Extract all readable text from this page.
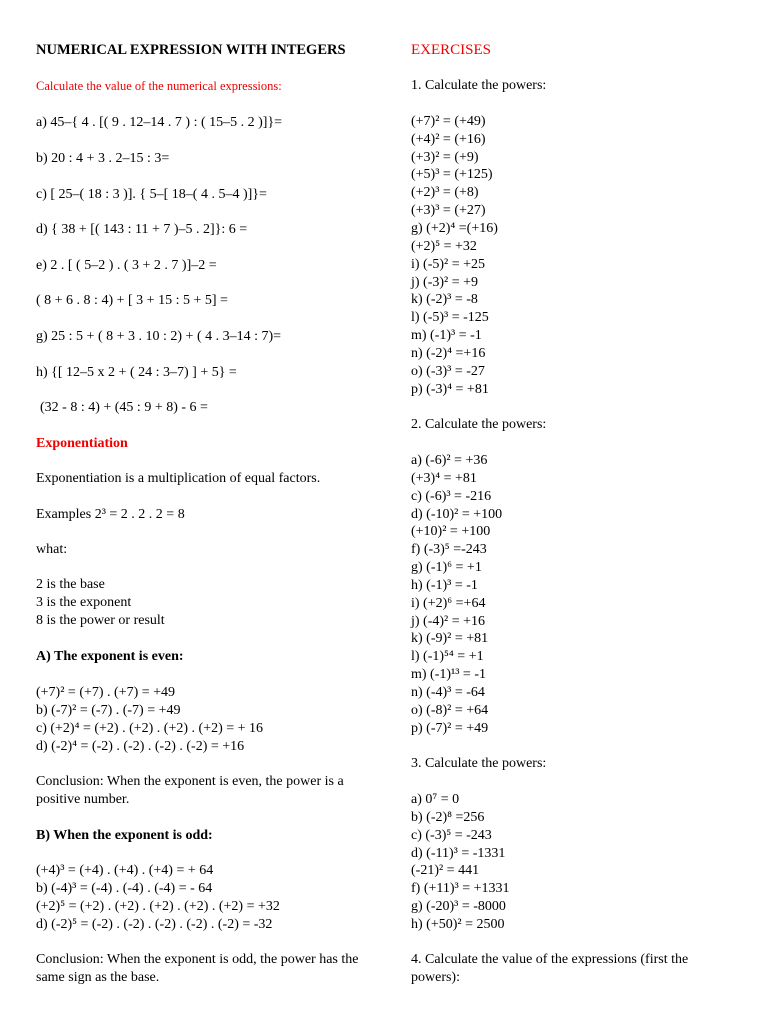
NUMERICAL EXPRESSION WITH INTEGERS
Calculate the value of the numerical expressions:
a) 45–{ 4 . [( 9 . 12–14 . 7 ) : ( 15–5 . 2 )]}=
b) 20 : 4 + 3 . 2–15 : 3=
c) [ 25–( 18 : 3 )]. { 5–[ 18–( 4 . 5–4 )]}=
d) { 38 + [( 143 : 11 + 7 )–5 . 2]}: 6 =
e) 2 . [ ( 5–2 ) . ( 3 + 2 . 7 )]–2 =
( 8 + 6 . 8 : 4) + [ 3 + 15 : 5 + 5] =
g) 25 : 5 + ( 8 + 3 . 10 : 2) + ( 4 . 3–14 : 7)=
h) {[ 12–5 x 2 + ( 24 : 3–7) ] + 5} =
(32 - 8 : 4) + (45 : 9 + 8) - 6 =
Exponentiation
Exponentiation is a multiplication of equal factors.
Examples 2³ = 2 . 2 . 2 = 8
what:
2 is the base
3 is the exponent
8 is the power or result
A) The exponent is even:
(+7)² = (+7) . (+7) = +49
b) (-7)² = (-7) . (-7) = +49
c) (+2)⁴ = (+2) . (+2) . (+2) . (+2) = + 16
d) (-2)⁴ = (-2) . (-2) . (-2) . (-2) = +16
Conclusion: When the exponent is even, the power is a positive number.
B) When the exponent is odd:
(+4)³ = (+4) . (+4) . (+4) = + 64
b) (-4)³ = (-4) . (-4) . (-4) = - 64
(+2)⁵ = (+2) . (+2) . (+2) . (+2) . (+2) = +32
d) (-2)⁵ = (-2) . (-2) . (-2) . (-2) . (-2) = -32
Conclusion: When the exponent is odd, the power has the same sign as the base.
EXERCISES
1. Calculate the powers:
(+7)² = (+49)
(+4)² = (+16)
(+3)² = (+9)
(+5)³ = (+125)
(+2)³ = (+8)
(+3)³ = (+27)
g) (+2)⁴ =(+16)
(+2)⁵ = +32
i) (-5)² = +25
j) (-3)² = +9
k) (-2)³ = -8
l) (-5)³ = -125
m) (-1)³ = -1
n) (-2)⁴ =+16
o) (-3)³ = -27
p) (-3)⁴ = +81
2. Calculate the powers:
a) (-6)² = +36
(+3)⁴ = +81
c) (-6)³ = -216
d) (-10)² = +100
(+10)² = +100
f) (-3)⁵ =-243
g) (-1)⁶ = +1
h) (-1)³ = -1
i) (+2)⁶ =+64
j) (-4)² = +16
k) (-9)² = +81
l) (-1)⁵⁴ = +1
m) (-1)¹³ = -1
n) (-4)³ = -64
o) (-8)² = +64
p) (-7)² = +49
3. Calculate the powers:
a) 0⁷ = 0
b) (-2)⁸ =256
c) (-3)⁵ = -243
d) (-11)³ = -1331
(-21)² = 441
f) (+11)³ = +1331
g) (-20)³ = -8000
h) (+50)² = 2500
4. Calculate the value of the expressions (first the powers):
